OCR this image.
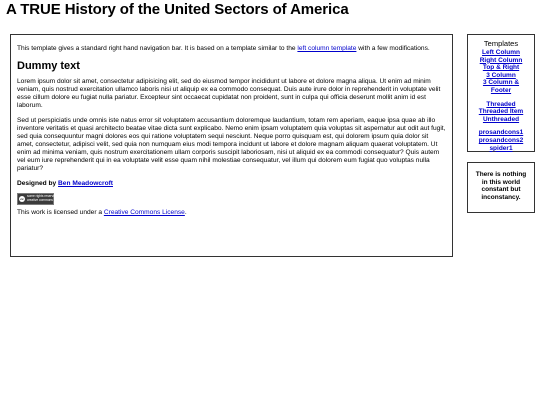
A TRUE History of the United Sectors of America

This template gives a standard right hand navigation bar. It is based on a template similar to the left column template with a few modifications.

Dummy text

Lorem ipsum dolor sit amet, consectetur adipisicing elit, sed do eiusmod tempor incididunt ut labore et dolore magna aliqua. Ut enim ad minim veniam, quis nostrud exercitation ullamco laboris nisi ut aliquip ex ea commodo consequat. Duis aute irure dolor in reprehenderit in voluptate velit esse cillum dolore eu fugiat nulla pariatur. Excepteur sint occaecat cupidatat non proident, sunt in culpa qui officia deserunt mollit anim id est laborum.

Sed ut perspiciatis unde omnis iste natus error sit voluptatem accusantium doloremque laudantium, totam rem aperiam, eaque ipsa quae ab illo inventore veritatis et quasi architecto beatae vitae dicta sunt explicabo. Nemo enim ipsam voluptatem quia voluptas sit aspernatur aut odit aut fugit, sed quia consequuntur magni dolores eos qui ratione voluptatem sequi nesciunt. Neque porro quisquam est, qui dolorem ipsum quia dolor sit amet, consectetur, adipisci velit, sed quia non numquam eius modi tempora incidunt ut labore et dolore magnam aliquam quaerat voluptatem. Ut enim ad minima veniam, quis nostrum exercitationem ullam corporis suscipit laboriosam, nisi ut aliquid ex ea commodi consequatur? Quis autem vel eum iure reprehenderit qui in ea voluptate velit esse quam nihil molestiae consequatur, vel illum qui dolorem eum fugiat quo voluptas nulla pariatur?

Designed by Ben Meadowcroft

cc
some rights reserved
creative commons

This work is licensed under a Creative Commons License.

Templates
Left Column
Right Column
Top & Right
3 Column
3 Column &
Footer
Threaded
Threaded Item
Unthreaded
prosandcons1
prosandcons2
spider1
There is nothing in this world constant but inconstancy.
